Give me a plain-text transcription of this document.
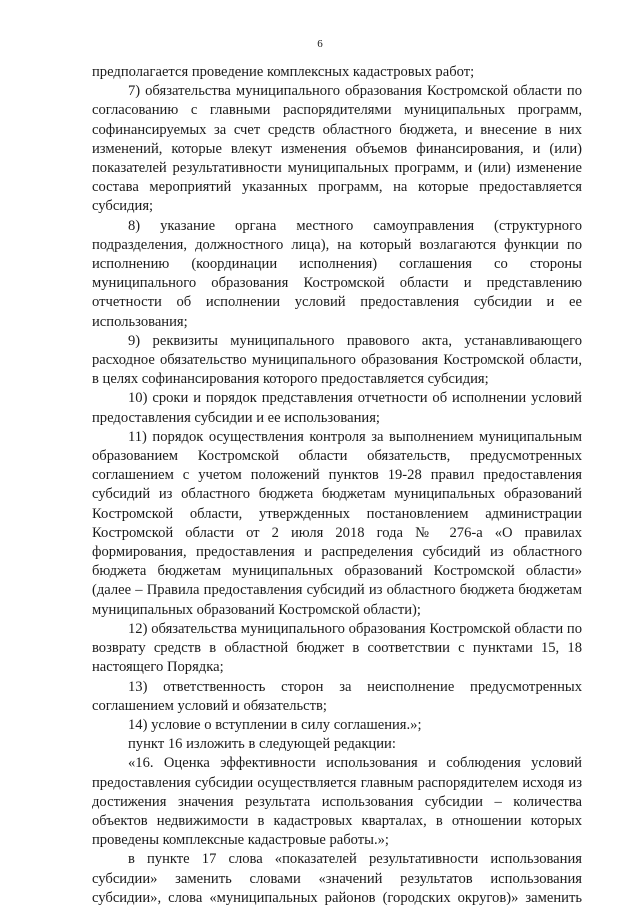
6

предполагается проведение комплексных кадастровых работ;

7) обязательства муниципального образования Костромской области по согласованию с главными распорядителями муниципальных программ, софинансируемых за счет средств областного бюджета, и внесение в них изменений, которые влекут изменения объемов финансирования, и (или) показателей результативности муниципальных программ, и (или) изменение состава мероприятий указанных программ, на которые предоставляется субсидия;

8) указание органа местного самоуправления (структурного подразделения, должностного лица), на который возлагаются функции по исполнению (координации исполнения) соглашения со стороны муниципального образования Костромской области и представлению отчетности об исполнении условий предоставления субсидии и ее использования;

9) реквизиты муниципального правового акта, устанавливающего расходное обязательство муниципального образования Костромской области, в целях софинансирования которого предоставляется субсидия;

10) сроки и порядок представления отчетности об исполнении условий предоставления субсидии и ее использования;

11) порядок осуществления контроля за выполнением муниципальным образованием Костромской области обязательств, предусмотренных соглашением с учетом положений пунктов 19-28 правил предоставления субсидий из областного бюджета бюджетам муниципальных образований Костромской области, утвержденных постановлением администрации Костромской области от 2 июля 2018 года № 276-а «О правилах формирования, предоставления и распределения субсидий из областного бюджета бюджетам муниципальных образований Костромской области» (далее – Правила предоставления субсидий из областного бюджета бюджетам муниципальных образований Костромской области);

12) обязательства муниципального образования Костромской области по возврату средств в областной бюджет в соответствии с пунктами 15, 18 настоящего Порядка;

13) ответственность сторон за неисполнение предусмотренных соглашением условий и обязательств;

14) условие о вступлении в силу соглашения.»;

пункт 16 изложить в следующей редакции:

«16. Оценка эффективности использования и соблюдения условий предоставления субсидии осуществляется главным распорядителем исходя из достижения значения результата использования субсидии – количества объектов недвижимости в кадастровых кварталах, в отношении которых проведены комплексные кадастровые работы.»;

в пункте 17 слова «показателей результативности использования субсидии» заменить словами «значений результатов использования субсидии», слова «муниципальных районов (городских округов)» заменить
